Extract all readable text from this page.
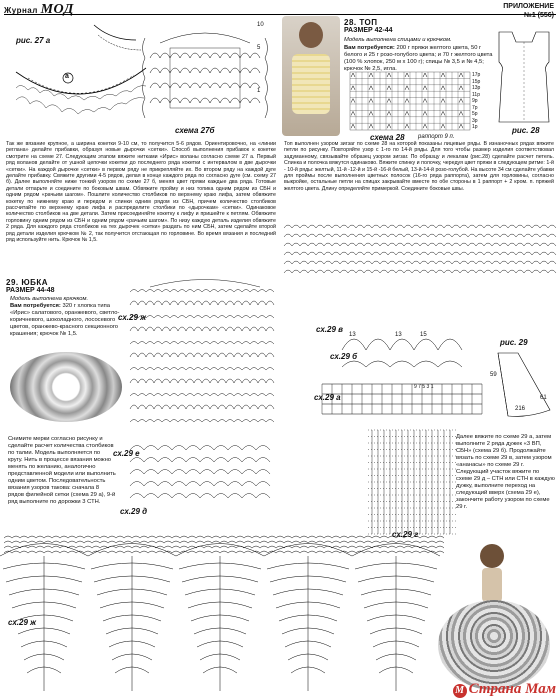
Журнал МОД	ПРИЛОЖЕНИЕ
№1 (556)
рис. 27 а
a
10
5
1
схема 27б
28. ТОП
РАЗМЕР 42-44
Модель выполнена спицами и крючком.
Вам потребуется: 200 г пряжи желтого цвета, 50 г белого и 25 г розо-голубого цвета; и 70 г желтого цвета (100 % хлопок, 250 м x 100 г); спицы № 3,5 и № 4,5; крючок № 2,5, игла.
17р
15р
13р
11р
9р
7р
5р
3р
1р
схема 28 раппорт 9 п.
рис. 28
Так же вязание крупное, а ширина кокетки 9-10 см, то получится 5-6 рядов. Ориентировочно, на «линии реглана» делайте прибавки, образуя новые дырочки «сетки». Способ выполнения прибавок к кокетке смотрите на схеме 27. Следующим этапом вяжите нитками «Ирис» воланы согласно схеме 27 а. Первый ряд воланов делайте от ушной цепочки кокетки до последнего ряда кокетки с интервалом в две дырочки «сетки». На каждой дырочке «сетки» в первом ряду не прикрепляйте их. Во втором ряду на каждой дуге делайте прибавку. Свяжите другими 4-5 рядов, делая в конце каждого ряда по согласно дуге (см. схему 27 б). Далее выполняйте ниже тонкий узором по схеме 27 б, меняя цвет пряжи каждые два ряда. Готовые детали отпарьте и соедините по боковым швам. Обвяжите пройму и низ топика одним рядом из СБН и одним рядом «рачьим шагом». Пошлите количество столбиков по верхнему краю лифа, затем обвяжите кокетку по нижнему краю и передом и спинки одним рядом из СБН, причем количество столбиков рассчитайте по верхнему краю лифа и распределите столбики по «дырочкам» «сетки». Одинаковое количество столбиков на две детали. Затем присоединяйте кокетку к лифу и пришейте к петлям. Обвяжите горловину одним рядом из СБН и одним рядом «рачьим шагом». По низу каждую деталь изделия обвяжите 2 ряда. Для каждого ряда столбиков на тех дырочек «сетки» раздать по ним СБН, затем сделайте второй ряд детали изделия крючком № 2, так получится отстающая по горловине. Во время вязания и последний ряд используйте нить. Крючок № 1,5.
Топ выполнен узором зигзаг по схеме 28 на которой показаны лицевые ряды. В изнаночных рядах вяжите петли по рисунку. Повторяйте узор с 1-го по 14-й ряды. Для того чтобы размер изделия соответствовал задуманному, связывайте образец узором зигзаг. По образцу и лекалам (рис.28) сделайте расчет петель. Спинка и полочка вяжутся одинаково. Вяжите спинку и полочку, чередуя цвет пряжи в следующем ритме: 1-й - 10-й ряды: желтый, 11-й -12-й и 15-й -16-й белый, 13-й-14-й розо-голубой. На высоте 34 см сделайте убавки для проймы после выполнения цветных полосок (16-го ряда раппорта), затем для горловины, согласно выкройке, остальные петли на спицах закрывайте вместе по обе стороны в 1 раппорт + 2 кром. п. пряжей желтого цвета. Длину определяйте примеркой. Соедините боковые швы.
29. ЮБКА
РАЗМЕР 44-48
Модель выполнена крючком.
Вам потребуется: 320 г хлопка типа «Ирис» салатового, оранжевого, светло-коричневого, шоколадного, лососевого цветов, оранжево-красного секционного крашения; крючок № 1,5.
сх.29 ж
Снимите мерки согласно рисунку и сделайте расчет количества столбиков по талии. Модель выполняется по кругу. Нить в процессе вязания можно менять по желанию, аналогично представленной модели или выполнить одним цветом. Последовательность вязания узоров такова: сначала 8 рядов филейной сетки (схема 29 а), 9-й ряд выполните по дорожки 3 СТН.
сх.29 е
сх.29 д
сх.29 в
сх.29 б
сх.29 а
13	13	15
9 7 5 3 1
рис. 29
59
61
216
сх.29 г
Далее вяжите по схеме 29 а, затем выполните 2 ряда дужек «3 ВП, СБН» (схема 29 б). Продолжайте вязать по схеме 29 в, затем узором «ананасы» по схеме 29 г. Следующий участок вяжите по схеме 29 д – СТН или СТН в каждую дужку, выполните переход на следующий вверх (схема 29 е), закончите работу узором по схеме 29 г.
сх.29 ж
М Страна Мам
